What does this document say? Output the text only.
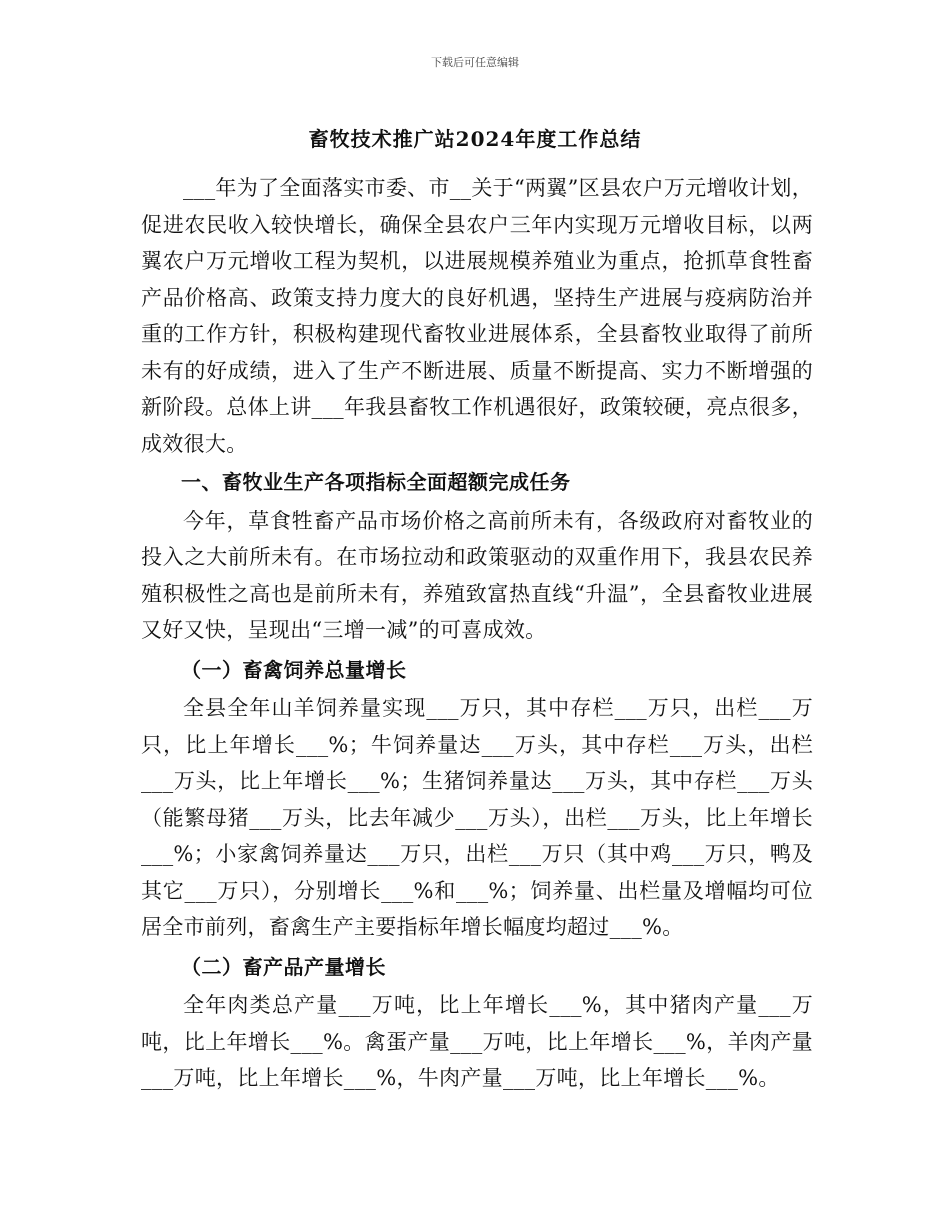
下载后可任意编辑
畜牧技术推广站2024年度工作总结

___年为了全面落实市委、市__关于“两翼”区县农户万元增收计划，促进农民收入较快增长，确保全县农户三年内实现万元增收目标，以两翼农户万元增收工程为契机，以进展规模养殖业为重点，抢抓草食牲畜产品价格高、政策支持力度大的良好机遇，坚持生产进展与疫病防治并重的工作方针，积极构建现代畜牧业进展体系，全县畜牧业取得了前所未有的好成绩，进入了生产不断进展、质量不断提高、实力不断增强的新阶段。总体上讲___年我县畜牧工作机遇很好，政策较硬，亮点很多，成效很大。

一、畜牧业生产各项指标全面超额完成任务

今年，草食牲畜产品市场价格之高前所未有，各级政府对畜牧业的投入之大前所未有。在市场拉动和政策驱动的双重作用下，我县农民养殖积极性之高也是前所未有，养殖致富热直线“升温”，全县畜牧业进展又好又快，呈现出“三增一减”的可喜成效。

（一）畜禽饲养总量增长

全县全年山羊饲养量实现___万只，其中存栏___万只，出栏___万只，比上年增长___%；牛饲养量达___万头，其中存栏___万头，出栏___万头，比上年增长___%；生猪饲养量达___万头，其中存栏___万头（能繁母猪___万头，比去年减少___万头），出栏___万头，比上年增长___%；小家禽饲养量达___万只，出栏___万只（其中鸡___万只，鸭及其它___万只），分别增长___%和___%；饲养量、出栏量及增幅均可位居全市前列，畜禽生产主要指标年增长幅度均超过___%。

（二）畜产品产量增长

全年肉类总产量___万吨，比上年增长___%，其中猪肉产量___万吨，比上年增长___%。禽蛋产量___万吨，比上年增长___%，羊肉产量___万吨，比上年增长___%，牛肉产量___万吨，比上年增长___%。
